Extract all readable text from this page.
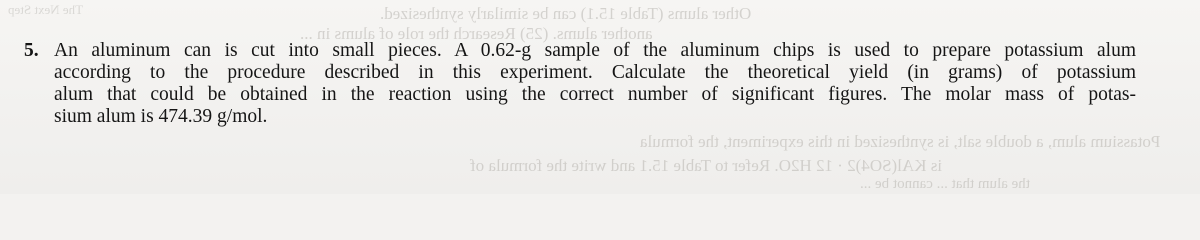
The Next Step	Other alums (Table 15.1) can be similarly synthesized.
another alums. (25) Research the role of alums in ...
Potassium alum, a double salt, is synthesized in this experiment, the formula
is KAl(SO4)2 · 12 H2O. Refer to Table 15.1 and write the formula of
the alum that ... cannot be ...
5. An aluminum can is cut into small pieces. A 0.62-g sample of the aluminum chips is used to prepare potassium alum
according to the procedure described in this experiment. Calculate the theoretical yield (in grams) of potassium
alum that could be obtained in the reaction using the correct number of significant figures. The molar mass of potas-
sium alum is 474.39 g/mol.
